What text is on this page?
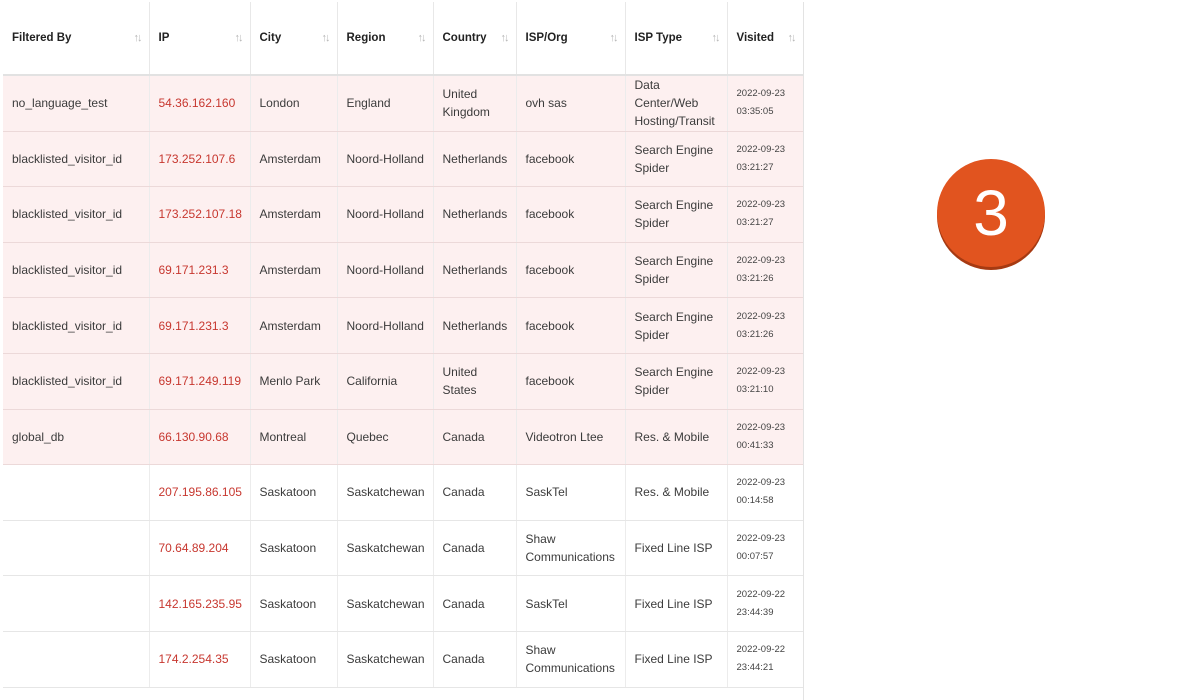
Filtered By ↑↓	IP ↑↓	City ↑↓	Region ↑↓	Country ↑↓	ISP/Org ↑↓	ISP Type ↑↓	Visited ↑↓

no_language_test	54.36.162.160	London	England	United Kingdom	ovh sas	Data Center/Web Hosting/Transit	2022-09-23 03:35:05
blacklisted_visitor_id	173.252.107.6	Amsterdam	Noord-Holland	Netherlands	facebook	Search Engine Spider	2022-09-23 03:21:27
blacklisted_visitor_id	173.252.107.18	Amsterdam	Noord-Holland	Netherlands	facebook	Search Engine Spider	2022-09-23 03:21:27
blacklisted_visitor_id	69.171.231.3	Amsterdam	Noord-Holland	Netherlands	facebook	Search Engine Spider	2022-09-23 03:21:26
blacklisted_visitor_id	69.171.231.3	Amsterdam	Noord-Holland	Netherlands	facebook	Search Engine Spider	2022-09-23 03:21:26
blacklisted_visitor_id	69.171.249.119	Menlo Park	California	United States	facebook	Search Engine Spider	2022-09-23 03:21:10
global_db	66.130.90.68	Montreal	Quebec	Canada	Videotron Ltee	Res. & Mobile	2022-09-23 00:41:33
	207.195.86.105	Saskatoon	Saskatchewan	Canada	SaskTel	Res. & Mobile	2022-09-23 00:14:58
	70.64.89.204	Saskatoon	Saskatchewan	Canada	Shaw Communications	Fixed Line ISP	2022-09-23 00:07:57
	142.165.235.95	Saskatoon	Saskatchewan	Canada	SaskTel	Fixed Line ISP	2022-09-22 23:44:39
	174.2.254.35	Saskatoon	Saskatchewan	Canada	Shaw Communications	Fixed Line ISP	2022-09-22 23:44:21
3
